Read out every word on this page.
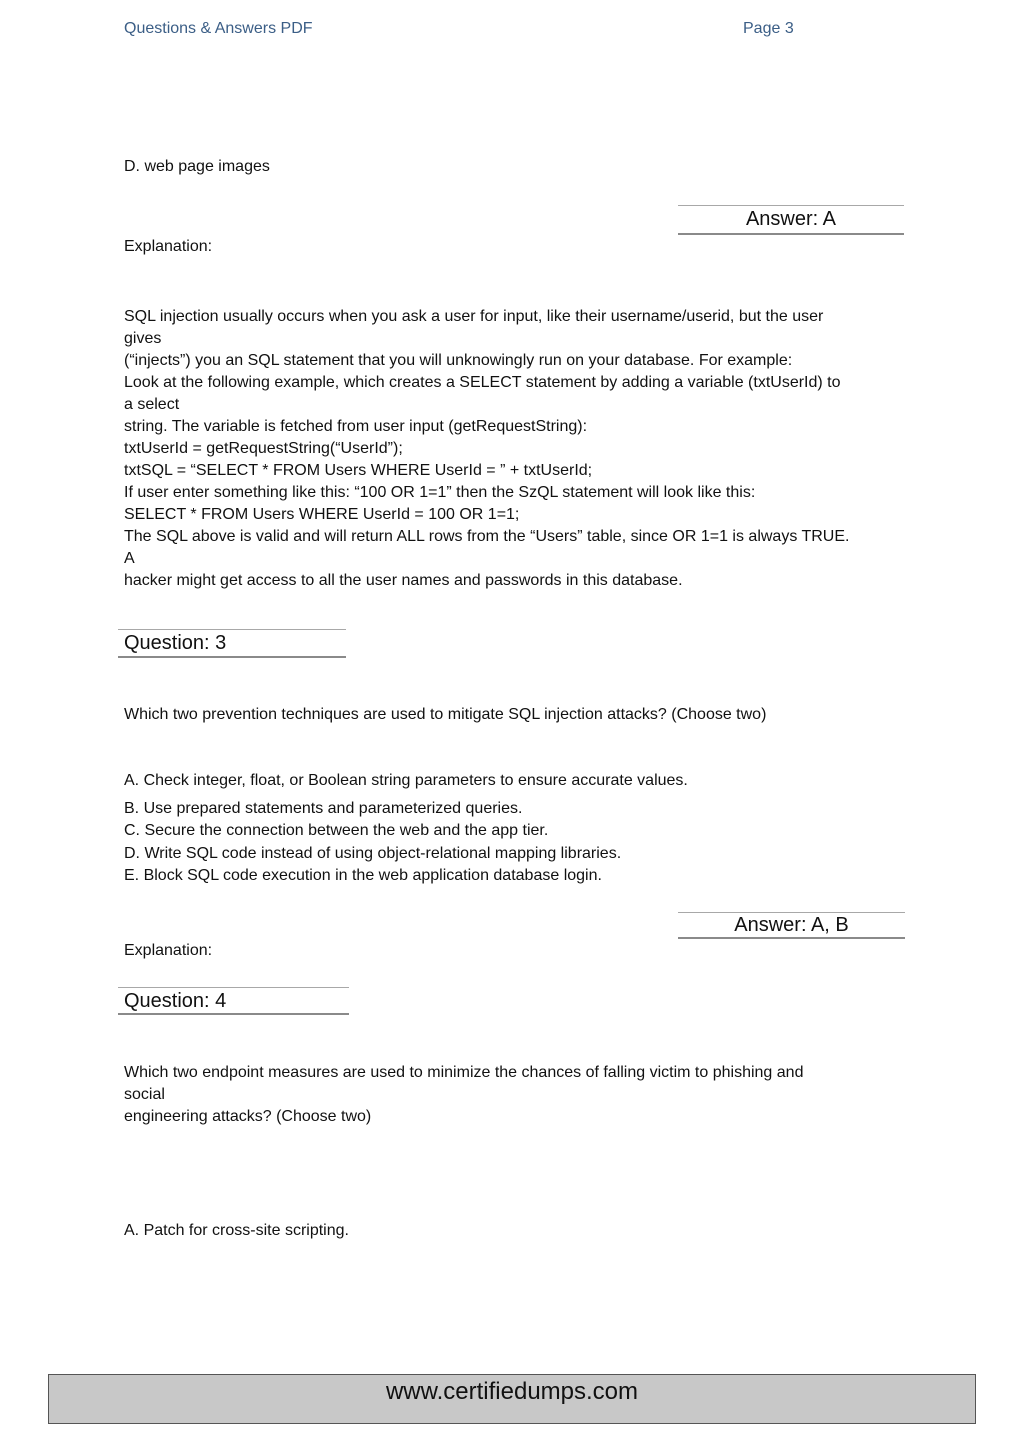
Questions & Answers PDF	Page 3
D. web page images
Answer: A
Explanation:
SQL injection usually occurs when you ask a user for input, like their username/userid, but the user
gives
(“injects”) you an SQL statement that you will unknowingly run on your database. For example:
Look at the following example, which creates a SELECT statement by adding a variable (txtUserId) to
a select
string. The variable is fetched from user input (getRequestString):
txtUserId = getRequestString(“UserId”);
txtSQL = “SELECT * FROM Users WHERE UserId = ” + txtUserId;
If user enter something like this: “100 OR 1=1” then the SzQL statement will look like this:
SELECT * FROM Users WHERE UserId = 100 OR 1=1;
The SQL above is valid and will return ALL rows from the “Users” table, since OR 1=1 is always TRUE.
A
hacker might get access to all the user names and passwords in this database.
Question: 3
Which two prevention techniques are used to mitigate SQL injection attacks? (Choose two)
A. Check integer, float, or Boolean string parameters to ensure accurate values.
B. Use prepared statements and parameterized queries.
C. Secure the connection between the web and the app tier.
D. Write SQL code instead of using object-relational mapping libraries.
E. Block SQL code execution in the web application database login.
Answer: A, B
Explanation:
Question: 4
Which two endpoint measures are used to minimize the chances of falling victim to phishing and
social
engineering attacks? (Choose two)
A. Patch for cross-site scripting.
www.certifiedumps.com
